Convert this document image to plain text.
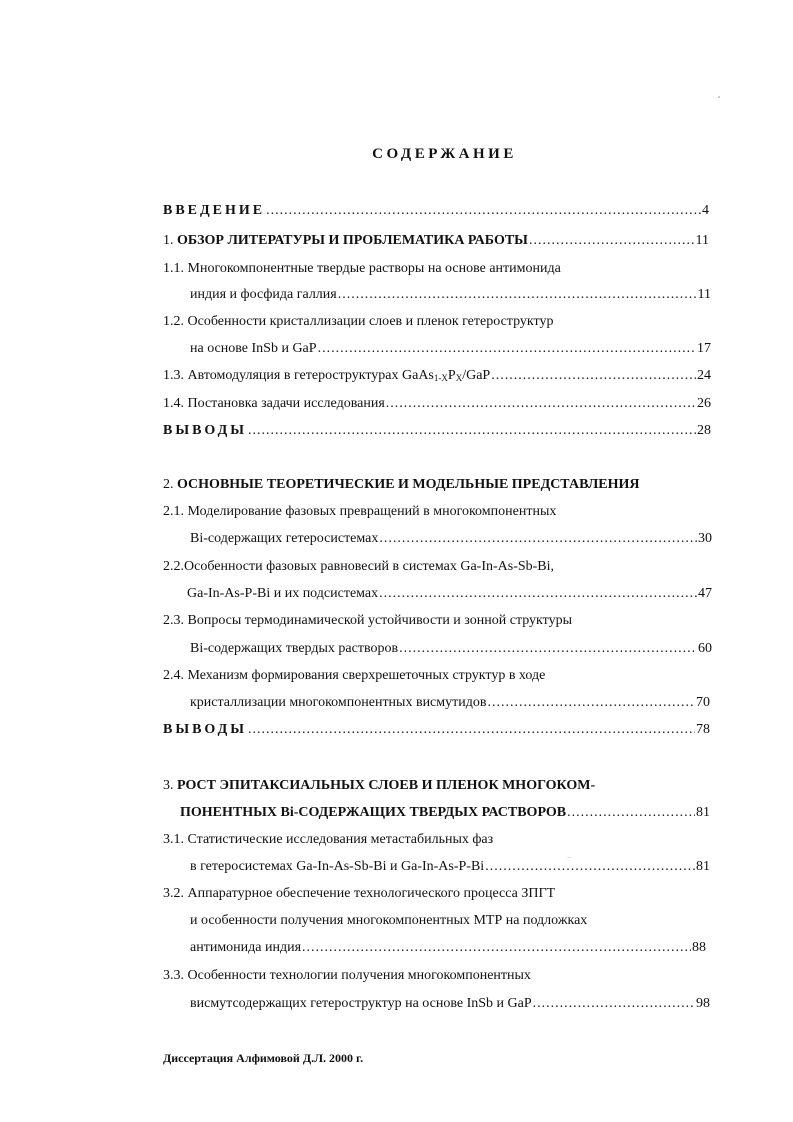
СОДЕРЖАНИЕ
ВВЕДЕНИЕ .....	4
1.
ОБЗОР ЛИТЕРАТУРЫ И ПРОБЛЕМАТИКА РАБОТЫ .....	11
1.1. Многокомпонентные твердые растворы на основе антимонида
индия и фосфида галлия .....	11
1.2. Особенности кристаллизации слоев и пленок гетероструктур
на основе InSb и GaP .....	17
1.3. Автомодуляция в гетероструктурах $GaAs_{1-X}P_X$/GaP .....	24
1.4. Постановка задачи исследования .....	26
ВЫВОДЫ .....	28
2. ОСНОВНЫЕ ТЕОРЕТИЧЕСКИЕ И МОДЕЛЬНЫЕ ПРЕДСТАВЛЕНИЯ
2.1. Моделирование фазовых превращений в многокомпонентных
Bi-содержащих гетеросистемах .....	30
2.2.Особенности фазовых равновесий в системах Ga-In-As-Sb-Bi,
Ga-In-As-P-Bi и их подсистемах .....	47
2.3. Вопросы термодинамической устойчивости и зонной структуры
Bi-содержащих твердых растворов .....	60
2.4. Механизм формирования сверхрешеточных структур в ходе
кристаллизации многокомпонентных висмутидов .....	70
ВЫВОДЫ .....	78
3. РОСТ ЭПИТАКСИАЛЬНЫХ СЛОЕВ И ПЛЕНОК МНОГОКОМ-
ПОНЕНТНЫХ Bi-СОДЕРЖАЩИХ ТВЕРДЫХ РАСТВОРОВ .....	81
3.1. Статистические исследования метастабильных фаз
в гетеросистемах Ga-In-As-Sb-Bi и Ga-In-As-P-Bi .....	81
3.2. Аппаратурное обеспечение технологического процесса ЗПГТ
и особенности получения многокомпонентных МТР на подложках
антимонида индия .....	88
3.3. Особенности технологии получения многокомпонентных
висмутсодержащих гетероструктур на основе InSb и GaP .....	98
Диссертация Алфимовой Д.Л. 2000 г.
